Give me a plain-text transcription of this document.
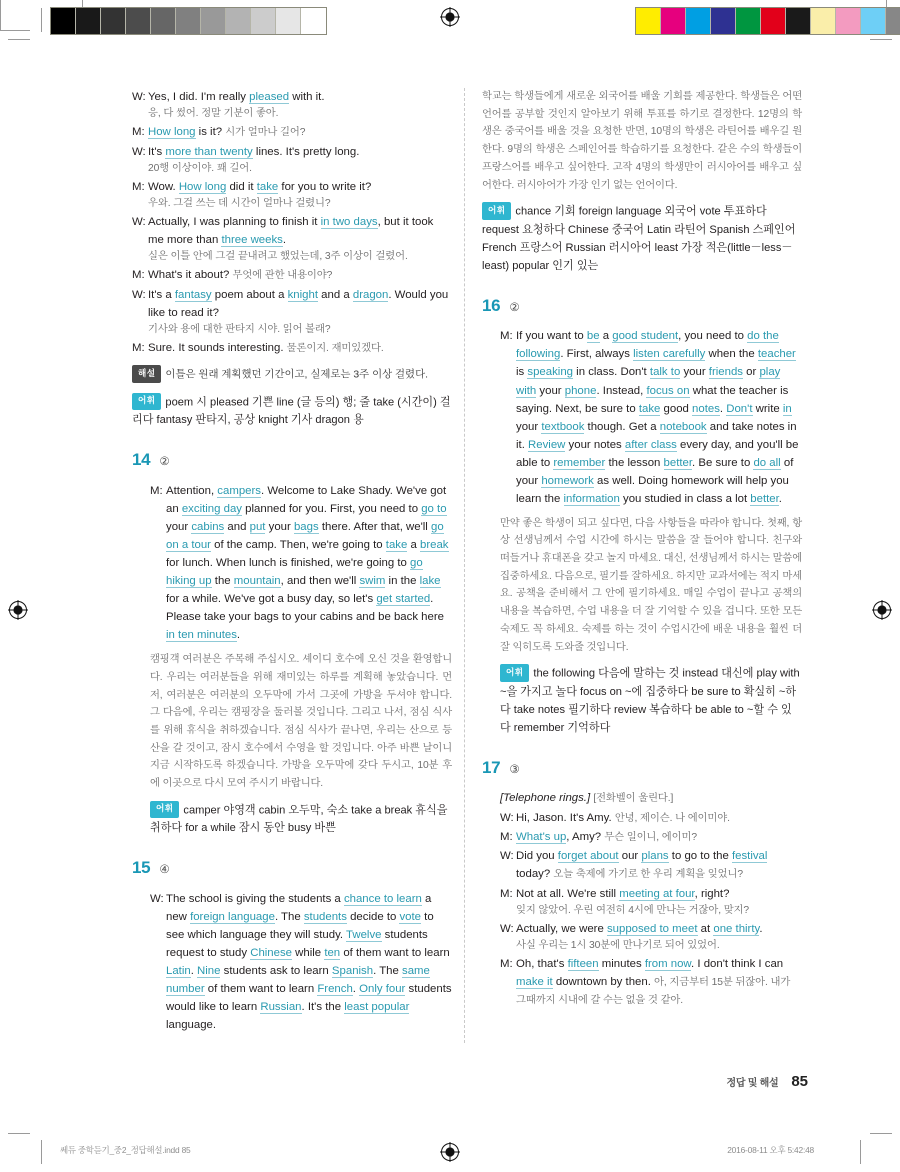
W: Yes, I did. I'm really pleased with it.
응, 다 썼어. 정말 기분이 좋아.
M: How long is it? 시가 얼마나 길어?
W: It's more than twenty lines. It's pretty long.
20행 이상이야. 꽤 길어.
M: Wow. How long did it take for you to write it?
우와. 그걸 쓰는 데 시간이 얼마나 걸렸니?
W: Actually, I was planning to finish it in two days, but it took me more than three weeks.
실은 이틀 안에 그걸 끝내려고 했었는데, 3주 이상이 걸렸어.
M: What's it about? 무엇에 관한 내용이야?
W: It's a fantasy poem about a knight and a dragon. Would you like to read it?
기사와 용에 대한 판타지 시야. 읽어 볼래?
M: Sure. It sounds interesting. 물론이지. 재미있겠다.
해설 이틀은 원래 계획했던 기간이고, 실제로는 3주 이상 걸렸다.
어휘 poem 시 pleased 기쁜 line (글 등의) 행; 줄 take (시간이) 걸리다 fantasy 판타지, 공상 knight 기사 dragon 용
14 ②
M: Attention, campers. Welcome to Lake Shady. We've got an exciting day planned for you. First, you need to go to your cabins and put your bags there. After that, we'll go on a tour of the camp. Then, we're going to take a break for lunch. When lunch is finished, we're going to go hiking up the mountain, and then we'll swim in the lake for a while. We've got a busy day, so let's get started. Please take your bags to your cabins and be back here in ten minutes.
캠핑객 여러분은 주목해 주십시오. 셰이디 호수에 오신 것을 환영합니다. 우리는 여러분들을 위해 재미있는 하루를 계획해 놓았습니다. 먼저, 여러분은 여러분의 오두막에 가서 그곳에 가방을 두셔야 합니다. 그 다음에, 우리는 캠핑장을 둘러볼 것입니다. 그리고 나서, 점심 식사를 위해 휴식을 취하겠습니다. 점심 식사가 끝나면, 우리는 산으로 등산을 갈 것이고, 잠시 호수에서 수영을 할 것입니다. 아주 바쁜 날이니 지금 시작하도록 하겠습니다. 가방을 오두막에 갖다 두시고, 10분 후에 이곳으로 다시 모여 주시기 바랍니다.
어휘 camper 야영객 cabin 오두막, 숙소 take a break 휴식을 취하다 for a while 잠시 동안 busy 바쁜
15 ④
W: The school is giving the students a chance to learn a new foreign language. The students decide to vote to see which language they will study. Twelve students request to study Chinese while ten of them want to learn Latin. Nine students ask to learn Spanish. The same number of them want to learn French. Only four students would like to learn Russian. It's the least popular language.
학교는 학생들에게 새로운 외국어를 배울 기회를 제공한다. 학생들은 어떤 언어를 공부할 것인지 알아보기 위해 투표를 하기로 결정한다. 12명의 학생은 중국어를 배울 것을 요청한 반면, 10명의 학생은 라틴어를 배우길 원한다. 9명의 학생은 스페인어를 학습하기를 요청한다. 같은 수의 학생들이 프랑스어를 배우고 싶어한다. 고작 4명의 학생만이 러시아어를 배우고 싶어한다. 러시아어가 가장 인기 없는 언어이다.
어휘 chance 기회 foreign language 외국어 vote 투표하다 request 요청하다 Chinese 중국어 Latin 라틴어 Spanish 스페인어 French 프랑스어 Russian 러시아어 least 가장 적은(little－less－least) popular 인기 있는
16 ②
M: If you want to be a good student, you need to do the following. First, always listen carefully when the teacher is speaking in class. Don't talk to your friends or play with your phone. Instead, focus on what the teacher is saying. Next, be sure to take good notes. Don't write in your textbook though. Get a notebook and take notes in it. Review your notes after class every day, and you'll be able to remember the lesson better. Be sure to do all of your homework as well. Doing homework will help you learn the information you studied in class a lot better.
만약 좋은 학생이 되고 싶다면, 다음 사항들을 따라야 합니다. 첫째, 항상 선생님께서 수업 시간에 하시는 말씀을 잘 들어야 합니다. 친구와 떠들거나 휴대폰을 갖고 놀지 마세요. 대신, 선생님께서 하시는 말씀에 집중하세요. 다음으로, 필기를 잘하세요. 하지만 교과서에는 적지 마세요. 공책을 준비해서 그 안에 필기하세요. 매일 수업이 끝나고 공책의 내용을 복습하면, 수업 내용을 더 잘 기억할 수 있을 겁니다. 또한 모든 숙제도 꼭 하세요. 숙제를 하는 것이 수업시간에 배운 내용을 훨씬 더 잘 익히도록 도와줄 것입니다.
어휘 the following 다음에 말하는 것 instead 대신에 play with ~을 가지고 놀다 focus on ~에 집중하다 be sure to 확실히 ~하다 take notes 필기하다 review 복습하다 be able to ~할 수 있다 remember 기억하다
17 ③
[Telephone rings.] [전화벨이 울린다.]
W: Hi, Jason. It's Amy. 안녕, 제이슨. 나 에이미야.
M: What's up, Amy? 무슨 일이니, 에이미?
W: Did you forget about our plans to go to the festival today? 오늘 축제에 가기로 한 우리 계획을 잊었니?
M: Not at all. We're still meeting at four, right?
잊지 않았어. 우린 여전히 4시에 만나는 거잖아, 맞지?
W: Actually, we were supposed to meet at one thirty.
사실 우리는 1시 30분에 만나기로 되어 있었어.
M: Oh, that's fifteen minutes from now. I don't think I can make it downtown by then. 아, 지금부터 15분 뒤잖아. 내가 그때까지 시내에 갈 수는 없을 것 같아.
정답 및 해설 85
쎄듀 중학듣기_중2_정답해설.indd 85	2016-08-11 오후 5:42:48
